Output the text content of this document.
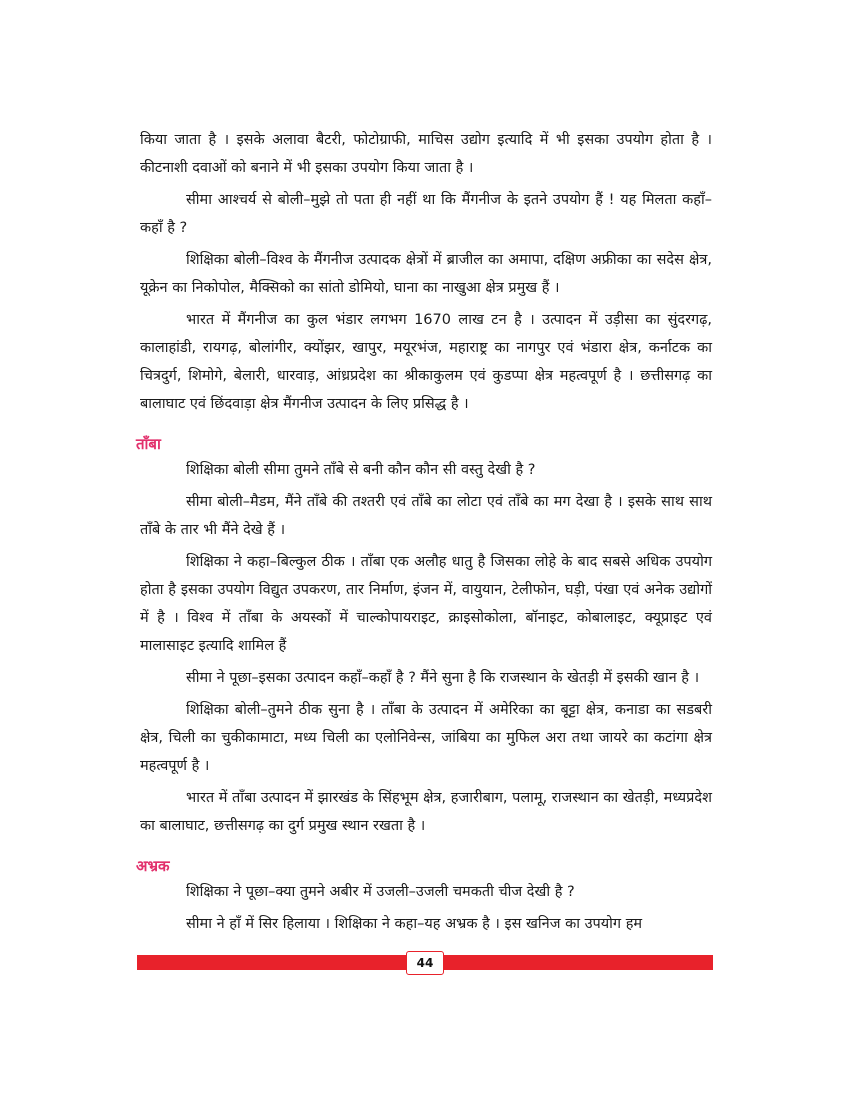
किया जाता है । इसके अलावा बैटरी, फोटोग्राफी, माचिस उद्योग इत्यादि में भी इसका उपयोग होता है । कीटनाशी दवाओं को बनाने में भी इसका उपयोग किया जाता है ।

सीमा आश्चर्य से बोली–मुझे तो पता ही नहीं था कि मैंगनीज के इतने उपयोग हैं ! यह मिलता कहाँ–कहाँ है ?

शिक्षिका बोली–विश्व के मैंगनीज उत्पादक क्षेत्रों में ब्राजील का अमापा, दक्षिण अफ्रीका का सदेस क्षेत्र, यूक्रेन का निकोपोल, मैक्सिको का सांतो डोमियो, घाना का नाखुआ क्षेत्र प्रमुख हैं ।

भारत में मैंगनीज का कुल भंडार लगभग 1670 लाख टन है । उत्पादन में उड़ीसा का सुंदरगढ़, कालाहांडी, रायगढ़, बोलांगीर, क्योंझर, खापुर, मयूरभंज, महाराष्ट्र का नागपुर एवं भंडारा क्षेत्र, कर्नाटक का चित्रदुर्ग, शिमोगे, बेलारी, धारवाड़, आंध्रप्रदेश का श्रीकाकुलम एवं कुडप्पा क्षेत्र महत्वपूर्ण है । छत्तीसगढ़ का बालाघाट एवं छिंदवाड़ा क्षेत्र मैंगनीज उत्पादन के लिए प्रसिद्ध है ।

ताँबा

शिक्षिका बोली सीमा तुमने ताँबे से बनी कौन कौन सी वस्तु देखी है ?

सीमा बोली–मैडम, मैंने ताँबे की तश्तरी एवं ताँबे का लोटा एवं ताँबे का मग देखा है । इसके साथ साथ ताँबे के तार भी मैंने देखे हैं ।

शिक्षिका ने कहा–बिल्कुल ठीक । ताँबा एक अलौह धातु है जिसका लोहे के बाद सबसे अधिक उपयोग होता है इसका उपयोग विद्युत उपकरण, तार निर्माण, इंजन में, वायुयान, टेलीफोन, घड़ी, पंखा एवं अनेक उद्योगों में है । विश्व में ताँबा के अयस्कों में चाल्कोपायराइट, क्राइसोकोला, बॉनाइट, कोबालाइट, क्यूप्राइट एवं मालासाइट इत्यादि शामिल हैं

सीमा ने पूछा–इसका उत्पादन कहाँ–कहाँ है ? मैंने सुना है कि राजस्थान के खेतड़ी में इसकी खान है ।

शिक्षिका बोली–तुमने ठीक सुना है । ताँबा के उत्पादन में अमेरिका का बूट्टा क्षेत्र, कनाडा का सडबरी क्षेत्र, चिली का चुकीकामाटा, मध्य चिली का एलोनिवेन्स, जांबिया का मुफिल अरा तथा जायरे का कटांगा क्षेत्र महत्वपूर्ण है ।

भारत में ताँबा उत्पादन में झारखंड के सिंहभूम क्षेत्र, हजारीबाग, पलामू, राजस्थान का खेतड़ी, मध्यप्रदेश का बालाघाट, छत्तीसगढ़ का दुर्ग प्रमुख स्थान रखता है ।

अभ्रक

शिक्षिका ने पूछा–क्या तुमने अबीर में उजली–उजली चमकती चीज देखी है ?

सीमा ने हाँ में सिर हिलाया । शिक्षिका ने कहा–यह अभ्रक है । इस खनिज का उपयोग हम

44
